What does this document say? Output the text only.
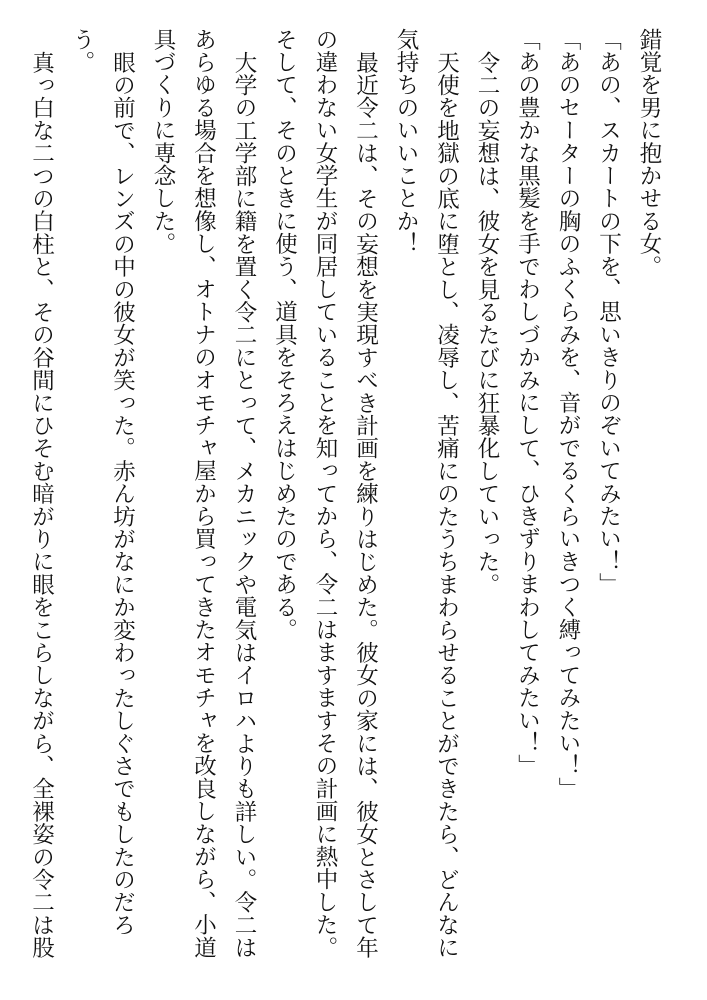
錯覚を男に抱かせる女。

「あの、スカートの下を、思いきりのぞいてみたい！」

「あのセーターの胸のふくらみを、音がでるくらいきつく縛ってみたい！」

「あの豊かな黒髪を手でわしづかみにして、ひきずりまわしてみたい！」

令二の妄想は、彼女を見るたびに狂暴化していった。

天使を地獄の底に堕とし、凌辱し、苦痛にのたうちまわらせることができたら、どんなに気持ちのいいことか！

最近令二は、その妄想を実現すべき計画を練りはじめた。彼女の家には、彼女とさして年の違わない女学生が同居していることを知ってから、令二はますますその計画に熱中した。

そして、そのときに使う、道具をそろえはじめたのである。

大学の工学部に籍を置く令二にとって、メカニックや電気はイロハよりも詳しい。令二はあらゆる場合を想像し、オトナのオモチャ屋から買ってきたオモチャを改良しながら、小道具づくりに専念した。

眼の前で、レンズの中の彼女が笑った。赤ん坊がなにか変わったしぐさでもしたのだろう。

真っ白な二つの白柱と、その谷間にひそむ暗がりに眼をこらしながら、全裸姿の令二は股
